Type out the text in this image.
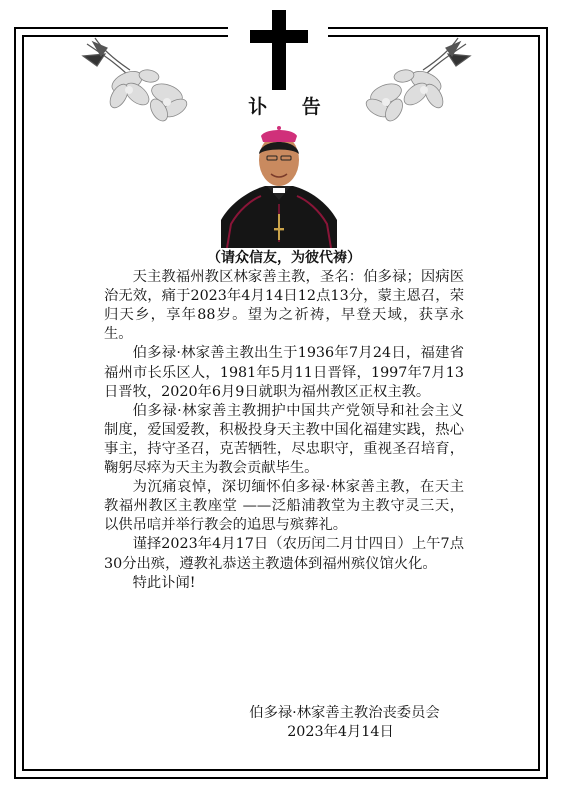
讣 告
（请众信友，为彼代祷）

天主教福州教区林家善主教，圣名：伯多禄；因病医治无效，痛于2023年4月14日12点13分，蒙主恩召，荣归天乡，享年88岁。望为之祈祷，早登天域，获享永生。

伯多禄·林家善主教出生于1936年7月24日，福建省福州市长乐区人，1981年5月11日晋铎，1997年7月13日晋牧，2020年6月9日就职为福州教区正权主教。

伯多禄·林家善主教拥护中国共产党领导和社会主义制度，爱国爱教，积极投身天主教中国化福建实践，热心事主，持守圣召，克苦牺牲，尽忠职守，重视圣召培育，鞠躬尽瘁为天主为教会贡献毕生。

为沉痛哀悼，深切缅怀伯多禄·林家善主教，在天主教福州教区主教座堂 ——泛船浦教堂为主教守灵三天，以供吊唁并举行教会的追思与殡葬礼。

谨择2023年4月17日（农历闰二月廿四日）上午7点30分出殡，遵教礼恭送主教遗体到福州殡仪馆火化。

特此讣闻!

伯多禄·林家善主教治丧委员会
2023年4月14日
